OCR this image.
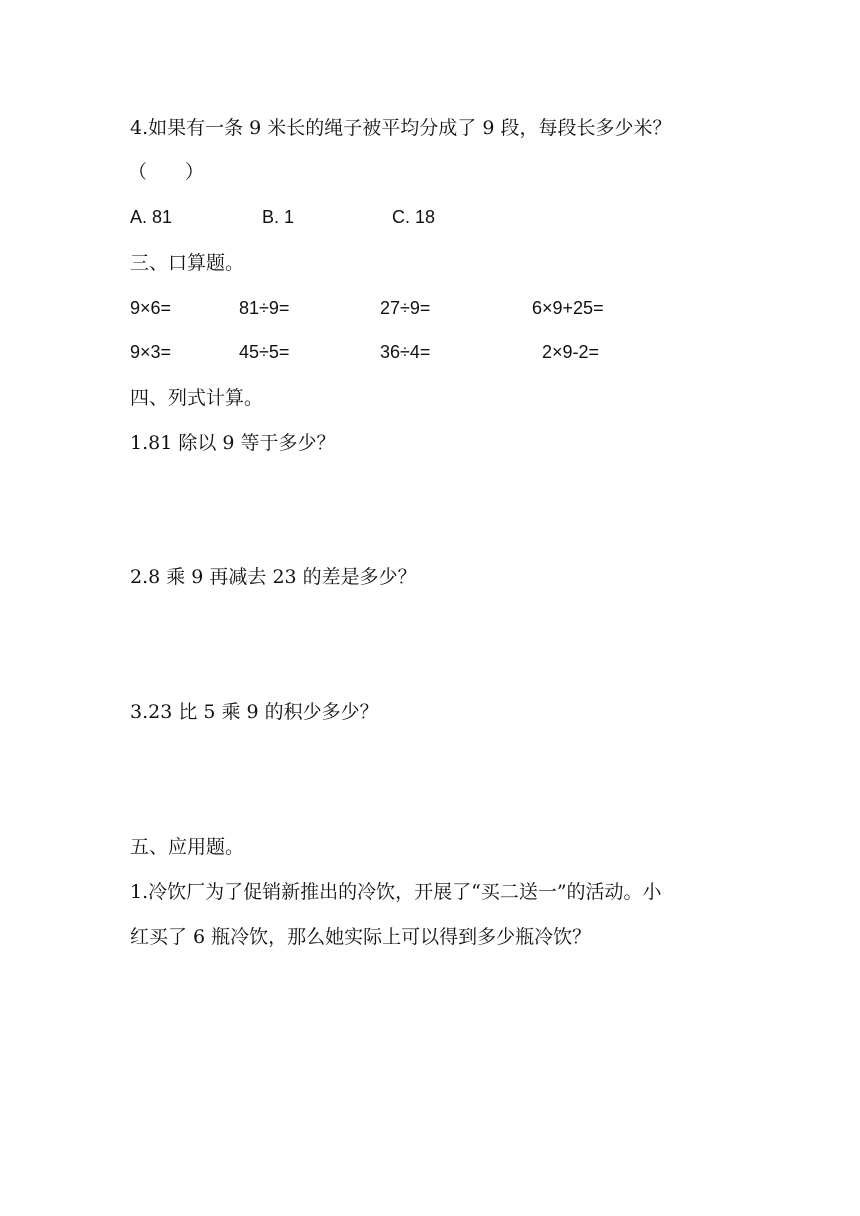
4.如果有一条 9 米长的绳子被平均分成了 9 段，每段长多少米？
（　　）
A. 81	B. 1	C. 18
三、口算题。
9×6=	81÷9=	27÷9=	6×9+25=
9×3=	45÷5=	36÷4=	2×9-2=
四、列式计算。
1.81 除以 9 等于多少？
2.8 乘 9 再减去 23 的差是多少？
3.23 比 5 乘 9 的积少多少？
五、应用题。
1.冷饮厂为了促销新推出的冷饮，开展了“买二送一”的活动。小
红买了 6 瓶冷饮，那么她实际上可以得到多少瓶冷饮？
